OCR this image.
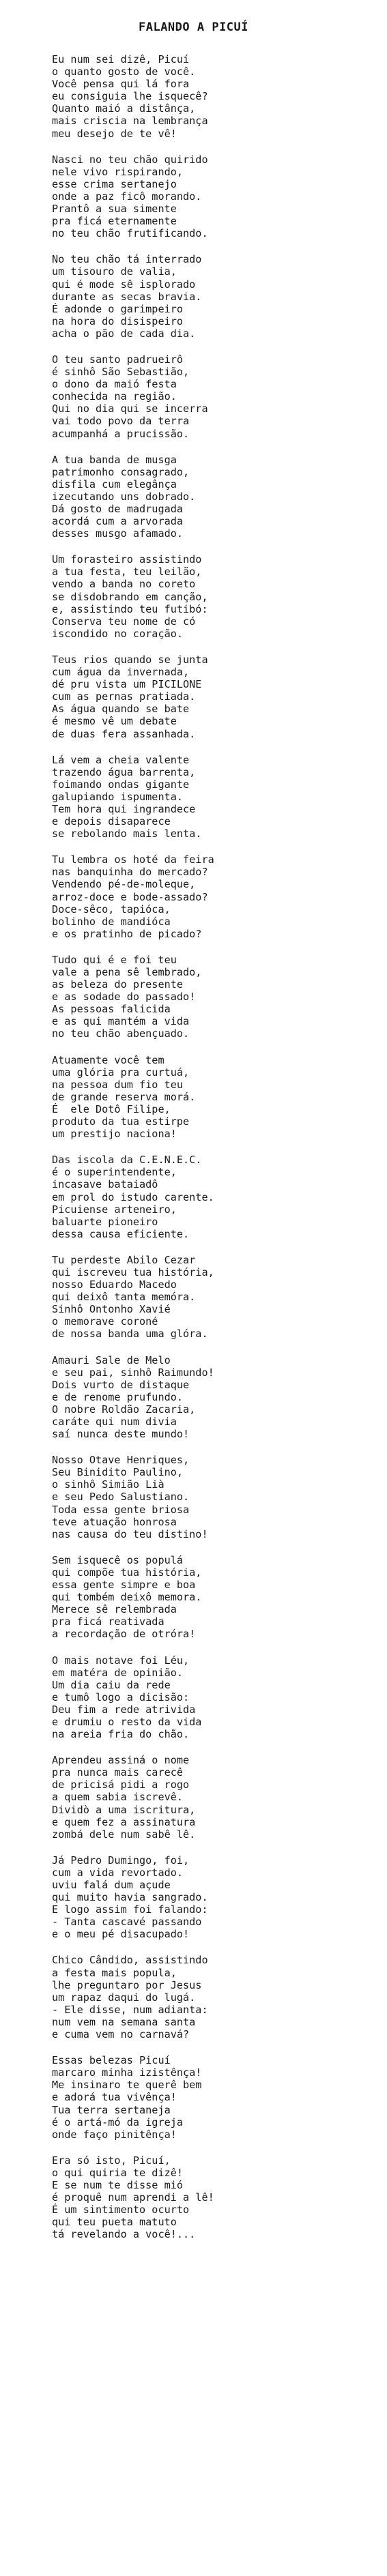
FALANDO A PICUÍ
Eu num sei dizê, Picuí
o quanto gosto de você.
Você pensa qui lá fora
eu consiguia lhe isquecê?
Quanto maió a distânça,
mais criscia na lembrança
meu desejo de te vê!
Nasci no teu chão quirido
nele vivo rispirando,
esse crima sertanejo
onde a paz ficô morando.
Prantô a sua simente
pra ficá eternamente
no teu chão frutificando.
No teu chão tá interrado
um tisouro de valia,
qui é mode sê isplorado
durante as secas bravia.
É adonde o garimpeiro
na hora do disispeiro
acha o pão de cada dia.
O teu santo padrueirô
é sinhô São Sebastião,
o dono da maió festa
conhecida na região.
Qui no dia qui se incerra
vai todo povo da terra
acumpanhá a prucissão.
A tua banda de musga
patrimonho consagrado,
disfila cum elegânça
izecutando uns dobrado.
Dá gosto de madrugada
acordá cum a arvorada
desses musgo afamado.
Um forasteiro assistindo
a tua festa, teu leilão,
vendo a banda no coreto
se disdobrando em canção,
e, assistindo teu futibó:
Conserva teu nome de có
iscondido no coração.
Teus rios quando se junta
cum água da invernada,
dé pru vista um PICILONE
cum as pernas pratiada.
As água quando se bate
é mesmo vê um debate
de duas fera assanhada.
Lá vem a cheia valente
trazendo água barrenta,
foimando ondas gigante
galupiando ispumenta.
Tem hora qui ingrandece
e depois disaparece
se rebolando mais lenta.
Tu lembra os hoté da feira
nas banquinha do mercado?
Vendendo pé-de-moleque,
arroz-doce e bode-assado?
Doce-sêco, tapióca,
bolinho de mandióca
e os pratinho de picado?
Tudo qui é e foi teu
vale a pena sê lembrado,
as beleza do presente
e as sodade do passado!
As pessoas falicida
e as qui mantém a vida
no teu chão abençuado.
Atuamente você tem
uma glória pra curtuá,
na pessoa dum fio teu
de grande reserva morá.
É  ele Dotô Filipe,
produto da tua estirpe
um prestijo naciona!
Das iscola da C.E.N.E.C.
é o superintendente,
incasave bataiadô
em prol do istudo carente.
Picuiense arteneiro,
baluarte pioneiro
dessa causa eficiente.
Tu perdeste Abilo Cezar
qui iscreveu tua história,
nosso Eduardo Macedo
qui deixô tanta memóra.
Sinhô Ontonho Xavié
o memorave coroné
de nossa banda uma glóra.
Amauri Sale de Melo
e seu pai, sinhô Raimundo!
Dois vurto de distaque
e de renome prufundo.
O nobre Roldão Zacaria,
caráte qui num divia
saí nunca deste mundo!
Nosso Otave Henriques,
Seu Binidito Paulino,
o sinhô Simião Lià
e seu Pedo Salustiano.
Toda essa gente briosa
teve atuação honrosa
nas causa do teu distino!
Sem isquecê os populá
qui compõe tua história,
essa gente simpre e boa
qui tombém deixô memora.
Merece sê relembrada
pra ficá reativada
a recordação de otróra!
O mais notave foi Léu,
em matéra de opinião.
Um dia caiu da rede
e tumô logo a dicisão:
Deu fim a rede atrivida
e drumiu o resto da vida
na areia fria do chão.
Aprendeu assiná o nome
pra nunca mais carecê
de pricisá pidi a rogo
a quem sabia iscrevê.
Dividò a uma iscritura,
e quem fez a assinatura
zombá dele num sabê lê.
Já Pedro Dumingo, foi,
cum a vida revortado.
uviu falá dum açude
qui muito havia sangrado.
E logo assim foi falando:
- Tanta cascavé passando
e o meu pé disacupado!
Chico Cândido, assistindo
a festa mais popula,
lhe preguntaro por Jesus
um rapaz daqui do lugá.
- Ele disse, num adianta:
num vem na semana santa
e cuma vem no carnavá?
Essas belezas Picuí
marcaro minha izistênça!
Me insinaro te querê bem
e adorá tua vivênça!
Tua terra sertaneja
é o artá-mó da igreja
onde faço pinitênça!
Era só isto, Picuí,
o qui quiria te dizê!
E se num te disse mió
é proquê num aprendi a lê!
É um sintimento ocurto
qui teu pueta matuto
tá revelando a você!...
